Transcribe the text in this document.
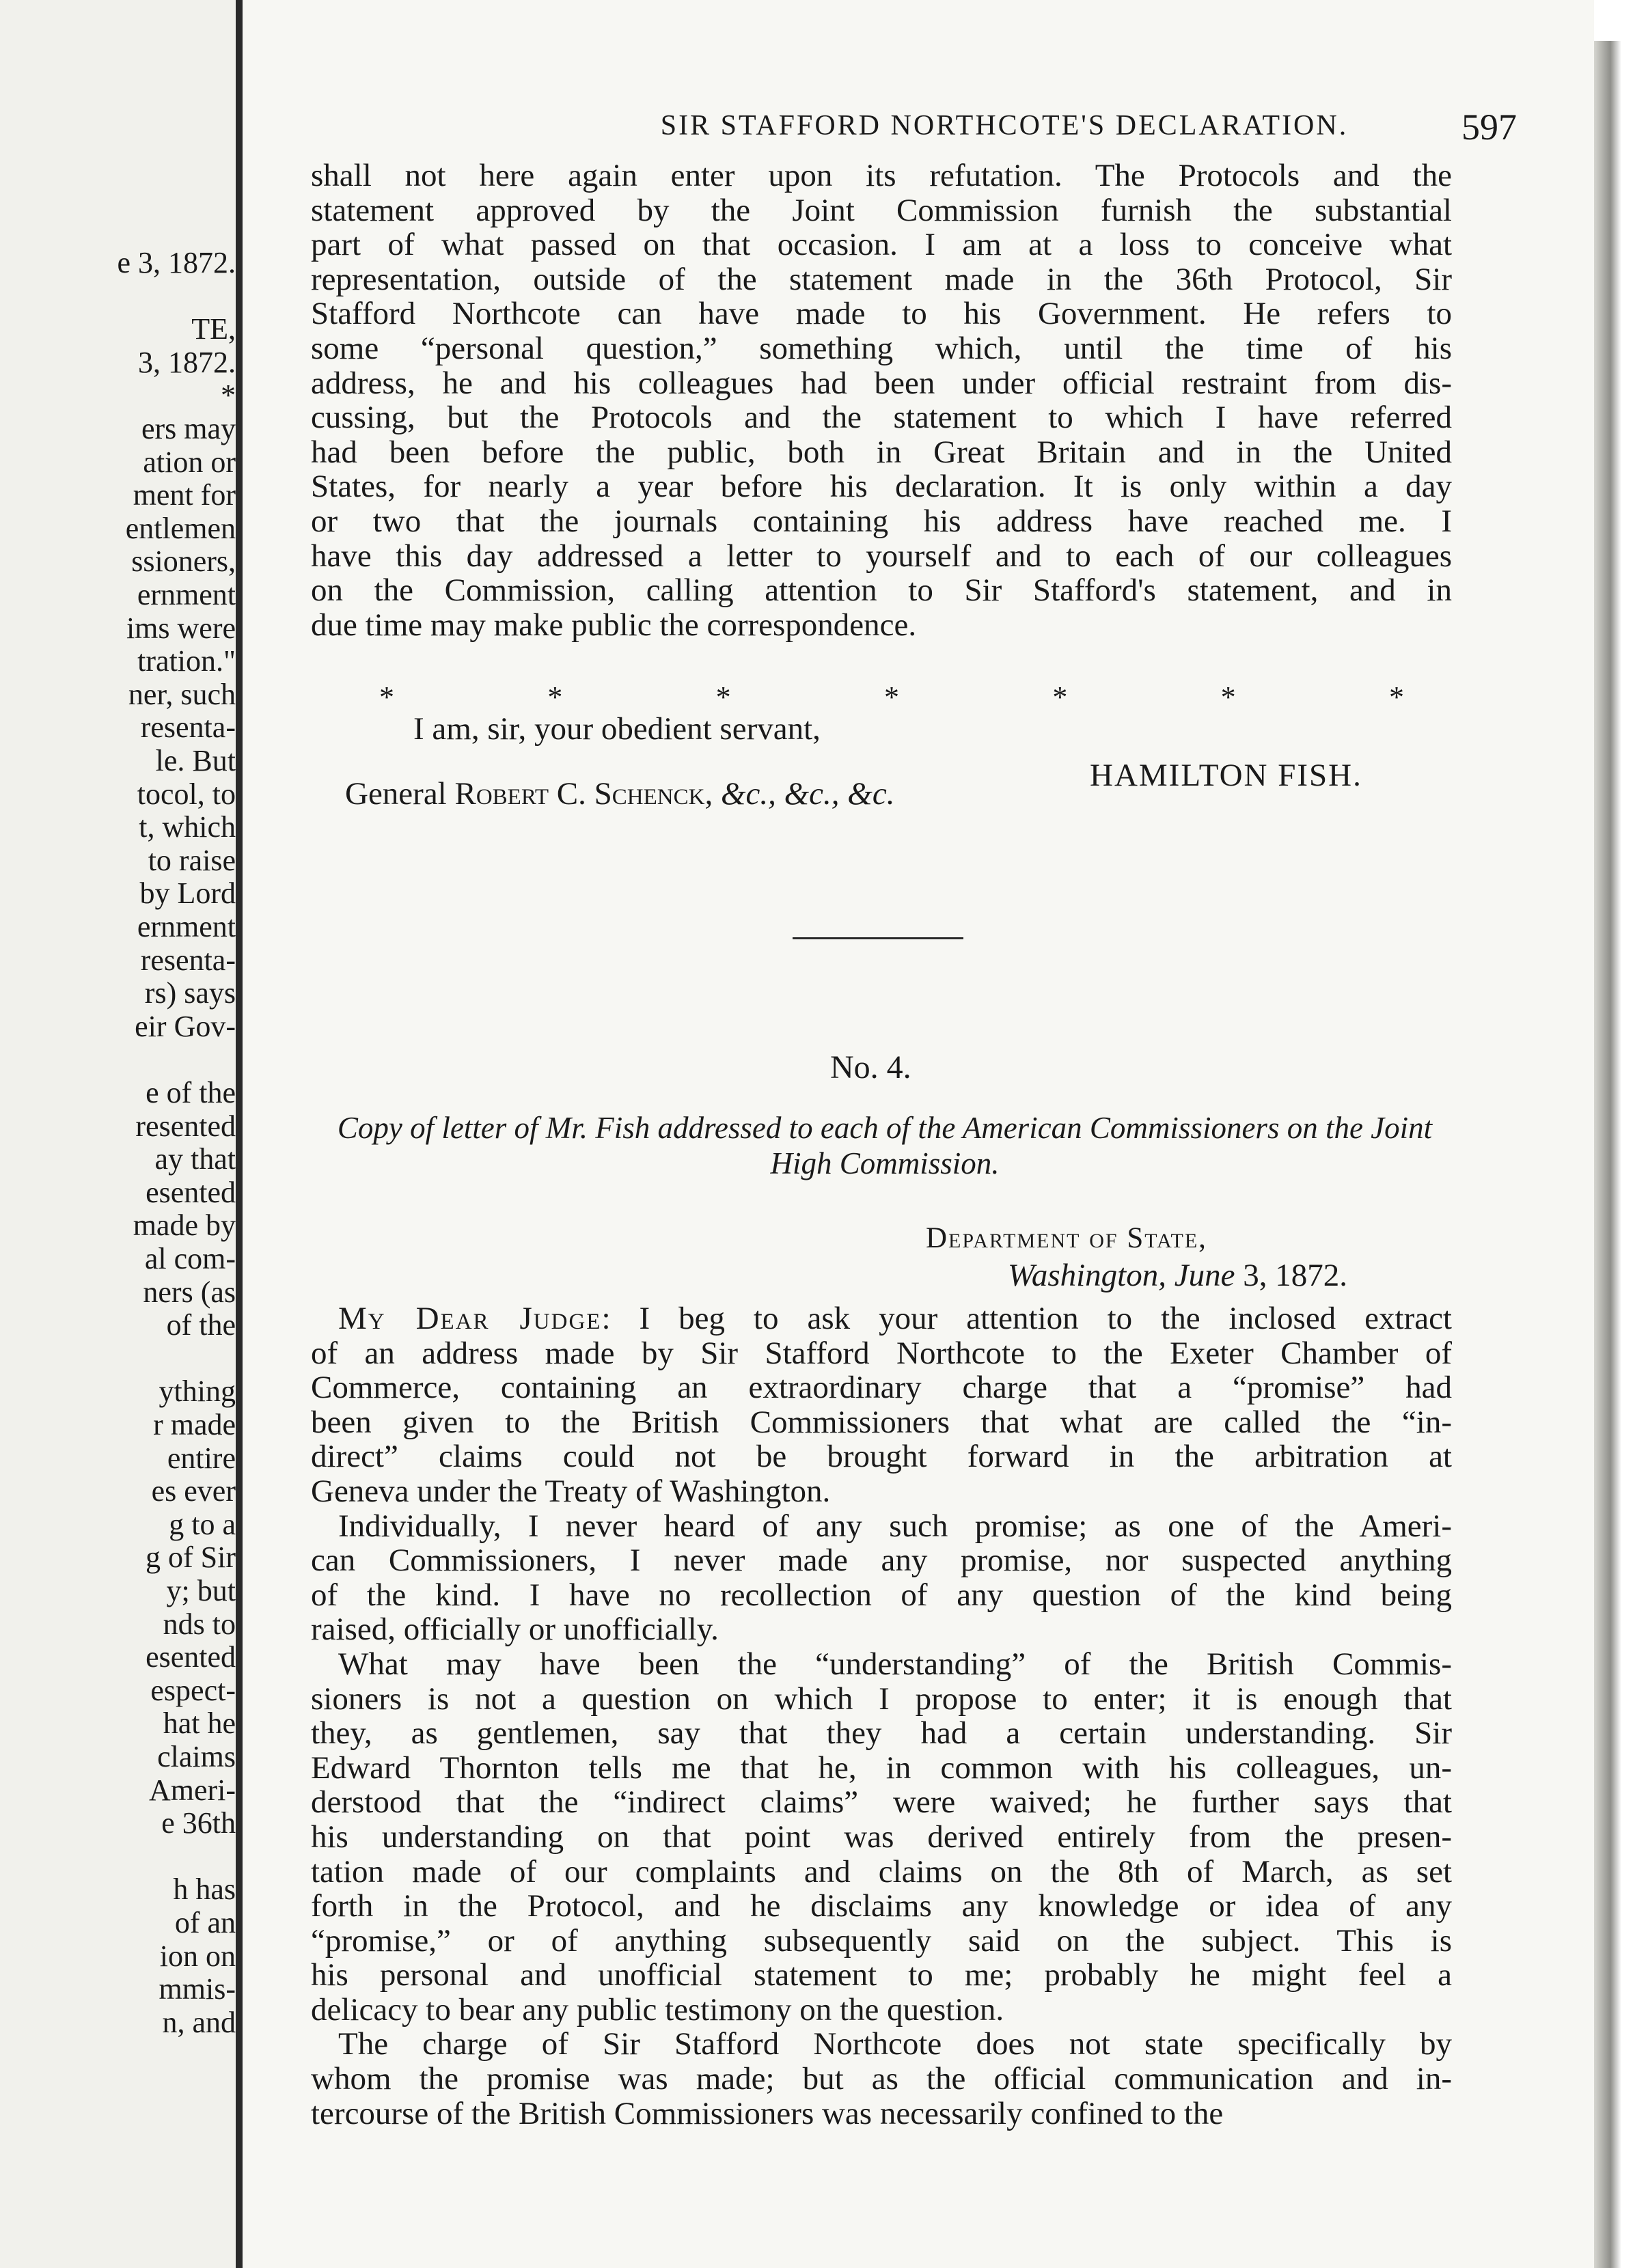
e 3, 1872.
TE,
3, 1872.
*
ers may
ation or
ment for
entlemen
ssioners,
ernment
ims were
tration."
ner, such
resenta-
le. But
tocol, to
t, which
to raise
by Lord
ernment
resenta-
rs) says
eir Gov-
e of the
resented
ay that
esented
made by
al com-
ners (as
of the
ything
r made
entire
es ever
g to a
g of Sir
y; but
nds to
esented
espect-
hat he
claims
Ameri-
e 36th
h has
of an
ion on
mmis-
n, and
SIR STAFFORD NORTHCOTE'S DECLARATION.	597
shall not here again enter upon its refutation. The Protocols and the
statement approved by the Joint Commission furnish the substantial
part of what passed on that occasion. I am at a loss to conceive what
representation, outside of the statement made in the 36th Protocol, Sir
Stafford Northcote can have made to his Government. He refers to
some “personal question,” something which, until the time of his
address, he and his colleagues had been under official restraint from dis-
cussing, but the Protocols and the statement to which I have referred
had been before the public, both in Great Britain and in the United
States, for nearly a year before his declaration. It is only within a day
or two that the journals containing his address have reached me. I
have this day addressed a letter to yourself and to each of our colleagues
on the Commission, calling attention to Sir Stafford's statement, and in
due time may make public the correspondence.
*	*	*	*	*	*	*
I am, sir, your obedient servant,
HAMILTON FISH.
General Robert C. Schenck, &c., &c., &c.
No. 4.
Copy of letter of Mr. Fish addressed to each of the American Commissioners on the Joint High Commission.
Department of State,
Washington, June 3, 1872.

My Dear Judge: I beg to ask your attention to the inclosed extract
of an address made by Sir Stafford Northcote to the Exeter Chamber of
Commerce, containing an extraordinary charge that a “promise” had
been given to the British Commissioners that what are called the “in-
direct” claims could not be brought forward in the arbitration at
Geneva under the Treaty of Washington.

Individually, I never heard of any such promise; as one of the Ameri-
can Commissioners, I never made any promise, nor suspected anything
of the kind. I have no recollection of any question of the kind being
raised, officially or unofficially.

What may have been the “understanding” of the British Commis-
sioners is not a question on which I propose to enter; it is enough that
they, as gentlemen, say that they had a certain understanding. Sir
Edward Thornton tells me that he, in common with his colleagues, un-
derstood that the “indirect claims” were waived; he further says that
his understanding on that point was derived entirely from the presen-
tation made of our complaints and claims on the 8th of March, as set
forth in the Protocol, and he disclaims any knowledge or idea of any
“promise,” or of anything subsequently said on the subject. This is
his personal and unofficial statement to me; probably he might feel a
delicacy to bear any public testimony on the question.

The charge of Sir Stafford Northcote does not state specifically by
whom the promise was made; but as the official communication and in-
tercourse of the British Commissioners was necessarily confined to the
